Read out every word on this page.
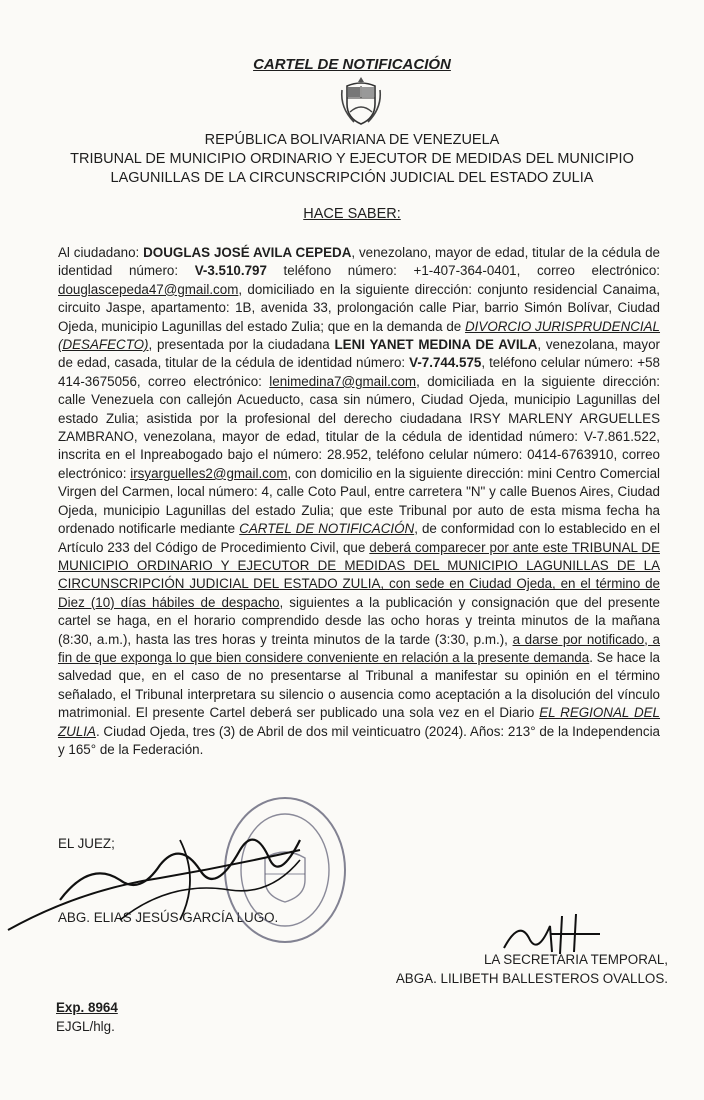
CARTEL DE NOTIFICACIÓN
REPÚBLICA BOLIVARIANA DE VENEZUELA
TRIBUNAL DE MUNICIPIO ORDINARIO Y EJECUTOR DE MEDIDAS DEL MUNICIPIO
LAGUNILLAS DE LA CIRCUNSCRIPCIÓN JUDICIAL DEL ESTADO ZULIA
HACE SABER:
Al ciudadano: DOUGLAS JOSÉ AVILA CEPEDA, venezolano, mayor de edad, titular de la cédula de identidad número: V-3.510.797 teléfono número: +1-407-364-0401, correo electrónico: douglascepeda47@gmail.com, domiciliado en la siguiente dirección: conjunto residencial Canaima, circuito Jaspe, apartamento: 1B, avenida 33, prolongación calle Piar, barrio Simón Bolívar, Ciudad Ojeda, municipio Lagunillas del estado Zulia; que en la demanda de DIVORCIO JURISPRUDENCIAL (DESAFECTO), presentada por la ciudadana LENI YANET MEDINA DE AVILA, venezolana, mayor de edad, casada, titular de la cédula de identidad número: V-7.744.575, teléfono celular número: +58 414-3675056, correo electrónico: lenimedina7@gmail.com, domiciliada en la siguiente dirección: calle Venezuela con callejón Acueducto, casa sin número, Ciudad Ojeda, municipio Lagunillas del estado Zulia; asistida por la profesional del derecho ciudadana IRSY MARLENY ARGUELLES ZAMBRANO, venezolana, mayor de edad, titular de la cédula de identidad número: V-7.861.522, inscrita en el Inpreabogado bajo el número: 28.952, teléfono celular número: 0414-6763910, correo electrónico: irsyarguelles2@gmail.com, con domicilio en la siguiente dirección: mini Centro Comercial Virgen del Carmen, local número: 4, calle Coto Paul, entre carretera "N" y calle Buenos Aires, Ciudad Ojeda, municipio Lagunillas del estado Zulia; que este Tribunal por auto de esta misma fecha ha ordenado notificarle mediante CARTEL DE NOTIFICACIÓN, de conformidad con lo establecido en el Artículo 233 del Código de Procedimiento Civil, que deberá comparecer por ante este TRIBUNAL DE MUNICIPIO ORDINARIO Y EJECUTOR DE MEDIDAS DEL MUNICIPIO LAGUNILLAS DE LA CIRCUNSCRIPCIÓN JUDICIAL DEL ESTADO ZULIA, con sede en Ciudad Ojeda, en el término de Diez (10) días hábiles de despacho, siguientes a la publicación y consignación que del presente cartel se haga, en el horario comprendido desde las ocho horas y treinta minutos de la mañana (8:30, a.m.), hasta las tres horas y treinta minutos de la tarde (3:30, p.m.), a darse por notificado, a fin de que exponga lo que bien considere conveniente en relación a la presente demanda. Se hace la salvedad que, en el caso de no presentarse al Tribunal a manifestar su opinión en el término señalado, el Tribunal interpretara su silencio o ausencia como aceptación a la disolución del vínculo matrimonial. El presente Cartel deberá ser publicado una sola vez en el Diario EL REGIONAL DEL ZULIA. Ciudad Ojeda, tres (3) de Abril de dos mil veinticuatro (2024). Años: 213° de la Independencia y 165° de la Federación.
EL JUEZ;
ABG. ELIAS JESÚS GARCÍA LUGO.
LA SECRETARIA TEMPORAL,
ABGA. LILIBETH BALLESTEROS OVALLOS.
Exp. 8964
EJGL/hlg.
